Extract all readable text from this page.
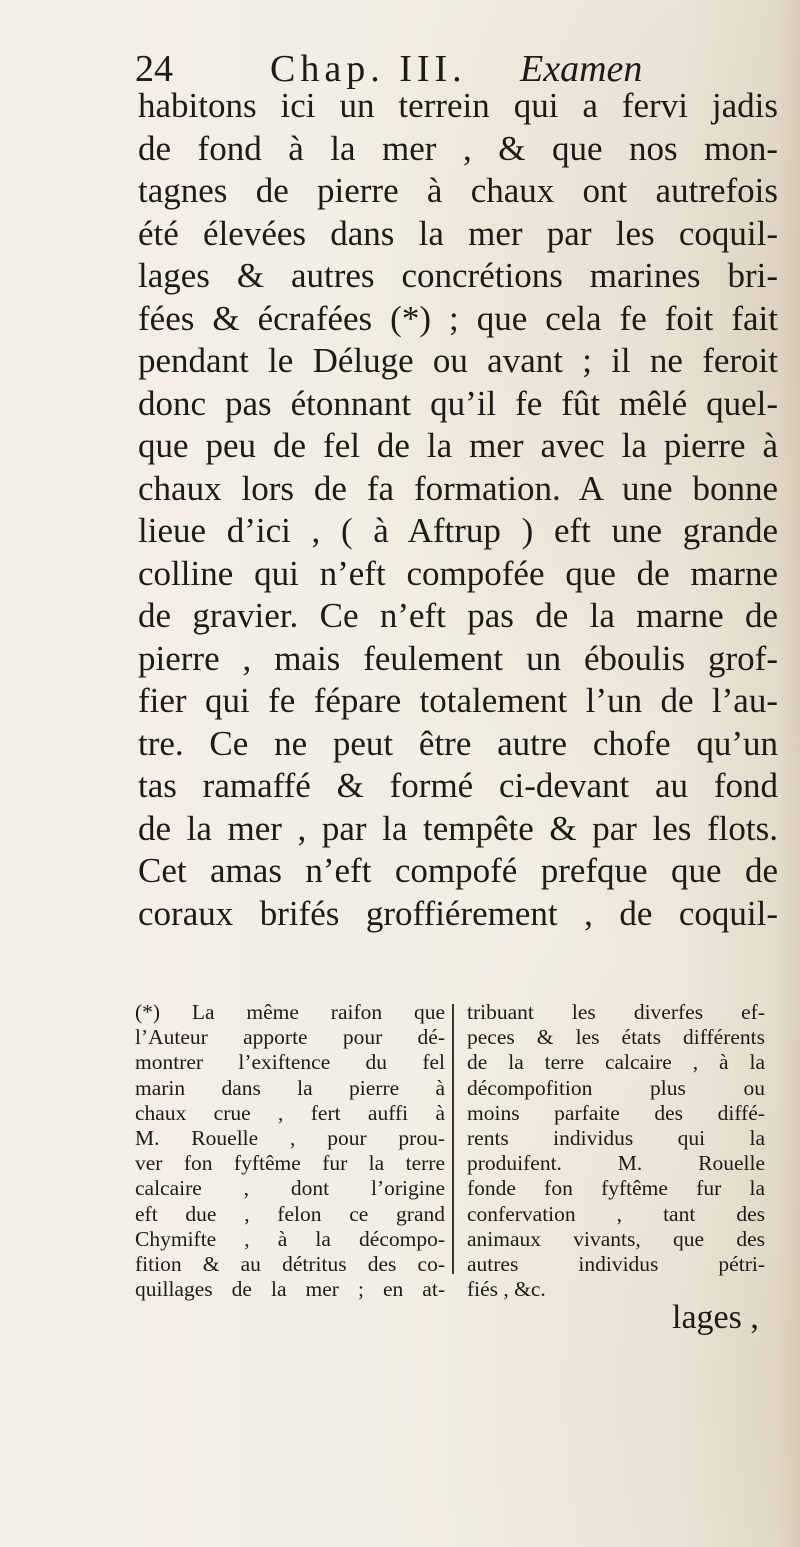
24	Chap. III. Examen
habitons ici un terrein qui a fervi jadis
de fond à la mer , & que nos mon-
tagnes de pierre à chaux ont autrefois
été élevées dans la mer par les coquil-
lages & autres concrétions marines bri-
fées & écrafées (*) ; que cela fe foit fait
pendant le Déluge ou avant ; il ne feroit
donc pas étonnant qu’il fe fût mêlé quel-
que peu de fel de la mer avec la pierre à
chaux lors de fa formation. A une bonne
lieue d’ici , ( à Aftrup ) eft une grande
colline qui n’eft compofée que de marne
de gravier. Ce n’eft pas de la marne de
pierre , mais feulement un éboulis grof-
fier qui fe fépare totalement l’un de l’au-
tre. Ce ne peut être autre chofe qu’un
tas ramaffé & formé ci-devant au fond
de la mer , par la tempête & par les flots.
Cet amas n’eft compofé prefque que de
coraux brifés groffiérement , de coquil-
(*) La même raifon que
l’Auteur apporte pour dé-
montrer l’exiftence du fel
marin dans la pierre à
chaux crue , fert auffi à
M. Rouelle , pour prou-
ver fon fyftême fur la terre
calcaire , dont l’origine
eft due , felon ce grand
Chymifte , à la décompo-
fition & au détritus des co-
quillages de la mer ; en at-
tribuant les diverfes ef-
peces & les états différents
de la terre calcaire , à la
décompofition plus ou
moins parfaite des diffé-
rents individus qui la
produifent. M. Rouelle
fonde fon fyftême fur la
confervation , tant des
animaux vivants, que des
autres individus pétri-
fiés , &c.
lages ,
